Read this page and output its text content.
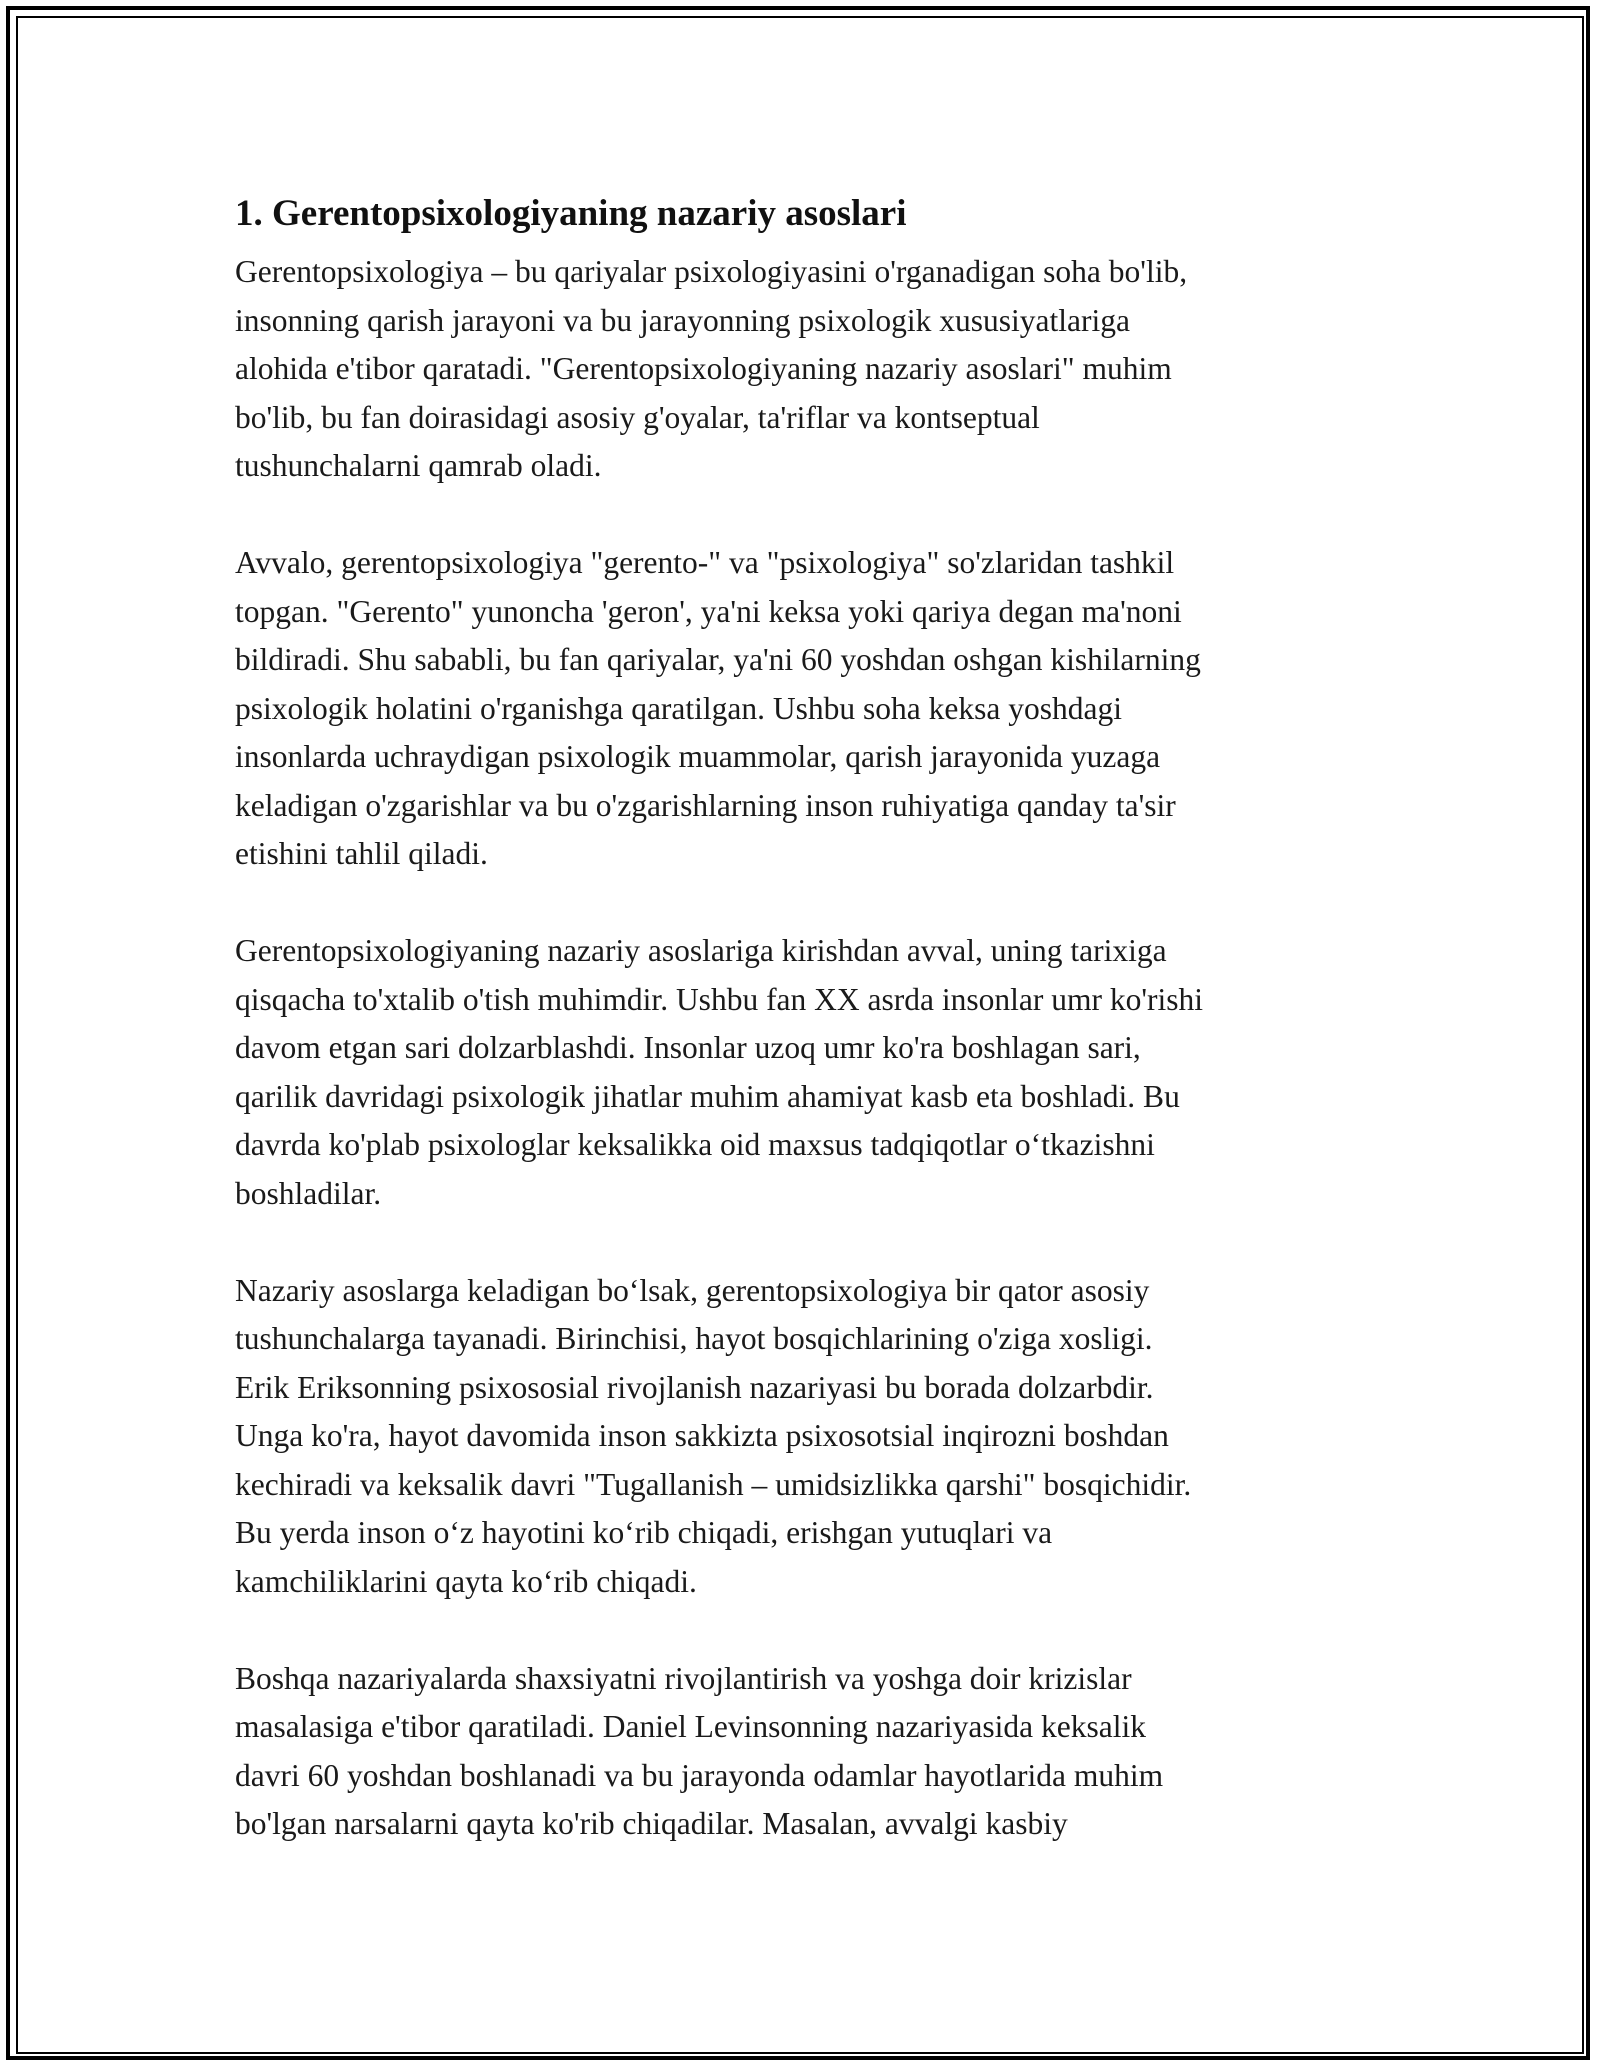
1. Gerentopsixologiyaning nazariy asoslari
Gerentopsixologiya – bu qariyalar psixologiyasini o'rganadigan soha bo'lib,
insonning qarish jarayoni va bu jarayonning psixologik xususiyatlariga
alohida e'tibor qaratadi. "Gerentopsixologiyaning nazariy asoslari" muhim
bo'lib, bu fan doirasidagi asosiy g'oyalar, ta'riflar va kontseptual
tushunchalarni qamrab oladi.
Avvalo, gerentopsixologiya "gerento-" va "psixologiya" so'zlaridan tashkil
topgan. "Gerento" yunoncha 'geron', ya'ni keksa yoki qariya degan ma'noni
bildiradi. Shu sababli, bu fan qariyalar, ya'ni 60 yoshdan oshgan kishilarning
psixologik holatini o'rganishga qaratilgan. Ushbu soha keksa yoshdagi
insonlarda uchraydigan psixologik muammolar, qarish jarayonida yuzaga
keladigan o'zgarishlar va bu o'zgarishlarning inson ruhiyatiga qanday ta'sir
etishini tahlil qiladi.
Gerentopsixologiyaning nazariy asoslariga kirishdan avval, uning tarixiga
qisqacha to'xtalib o'tish muhimdir. Ushbu fan XX asrda insonlar umr ko'rishi
davom etgan sari dolzarblashdi. Insonlar uzoq umr ko'ra boshlagan sari,
qarilik davridagi psixologik jihatlar muhim ahamiyat kasb eta boshladi. Bu
davrda ko'plab psixologlar keksalikka oid maxsus tadqiqotlar oʻtkazishni
boshladilar.
Nazariy asoslarga keladigan boʻlsak, gerentopsixologiya bir qator asosiy
tushunchalarga tayanadi. Birinchisi, hayot bosqichlarining o'ziga xosligi.
Erik Eriksonning psixososial rivojlanish nazariyasi bu borada dolzarbdir.
Unga ko'ra, hayot davomida inson sakkizta psixosotsial inqirozni boshdan
kechiradi va keksalik davri "Tugallanish – umidsizlikka qarshi" bosqichidir.
Bu yerda inson oʻz hayotini koʻrib chiqadi, erishgan yutuqlari va
kamchiliklarini qayta koʻrib chiqadi.
Boshqa nazariyalarda shaxsiyatni rivojlantirish va yoshga doir krizislar
masalasiga e'tibor qaratiladi. Daniel Levinsonning nazariyasida keksalik
davri 60 yoshdan boshlanadi va bu jarayonda odamlar hayotlarida muhim
bo'lgan narsalarni qayta ko'rib chiqadilar. Masalan, avvalgi kasbiy
